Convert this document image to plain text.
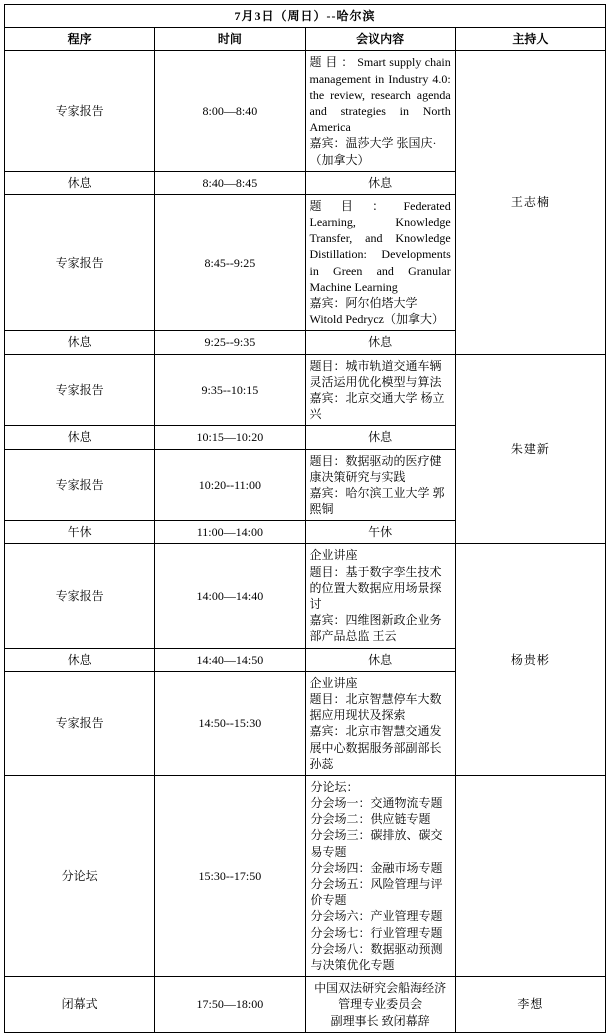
7月3日（周日）--哈尔滨			
程序	时间	会议内容	主持人
专家报告	8:00—8:40	题 目 ： Smart supply chain management in Industry 4.0: the review, research agenda and strategies in North America
嘉宾：温莎大学 张国庆·（加拿大）	王志楠
休息	8:40—8:45	休息	
专家报告	8:45--9:25	题 目 ： Federated Learning, Knowledge Transfer, and Knowledge Distillation: Developments in Green and Granular Machine Learning
嘉宾：阿尔伯塔大学 Witold Pedrycz（加拿大）	

休息	9:25--9:35	休息	
专家报告	9:35--10:15	题目：城市轨道交通车辆灵活运用优化模型与算法
嘉宾：北京交通大学 杨立兴	朱建新
休息	10:15—10:20	休息	
专家报告	10:20--11:00	题目：数据驱动的医疗健康决策研究与实践
嘉宾：哈尔滨工业大学 郭熙铜	

午休	11:00—14:00	午休	
专家报告	14:00—14:40	企业讲座
题目：基于数字孪生技术的位置大数据应用场景探讨
嘉宾：四维图新政企业务部产品总监 王云	杨贵彬
休息	14:40—14:50	休息	
专家报告	14:50--15:30	企业讲座
题目：北京智慧停车大数据应用现状及探索
嘉宾：北京市智慧交通发展中心数据服务部副部长 孙蕊	

分论坛	15:30--17:50	
分论坛：
分会场一：交通物流专题
分会场二：供应链专题
分会场三：碳排放、碳交易专题
分会场四：金融市场专题
分会场五：风险管理与评价专题
分会场六：产业管理专题
分会场七：行业管理专题
分会场八：数据驱动预测与决策优化专题

闭幕式	17:50—18:00	中国双法研究会船海经济管理专业委员会
副理事长 致闭幕辞	李想
